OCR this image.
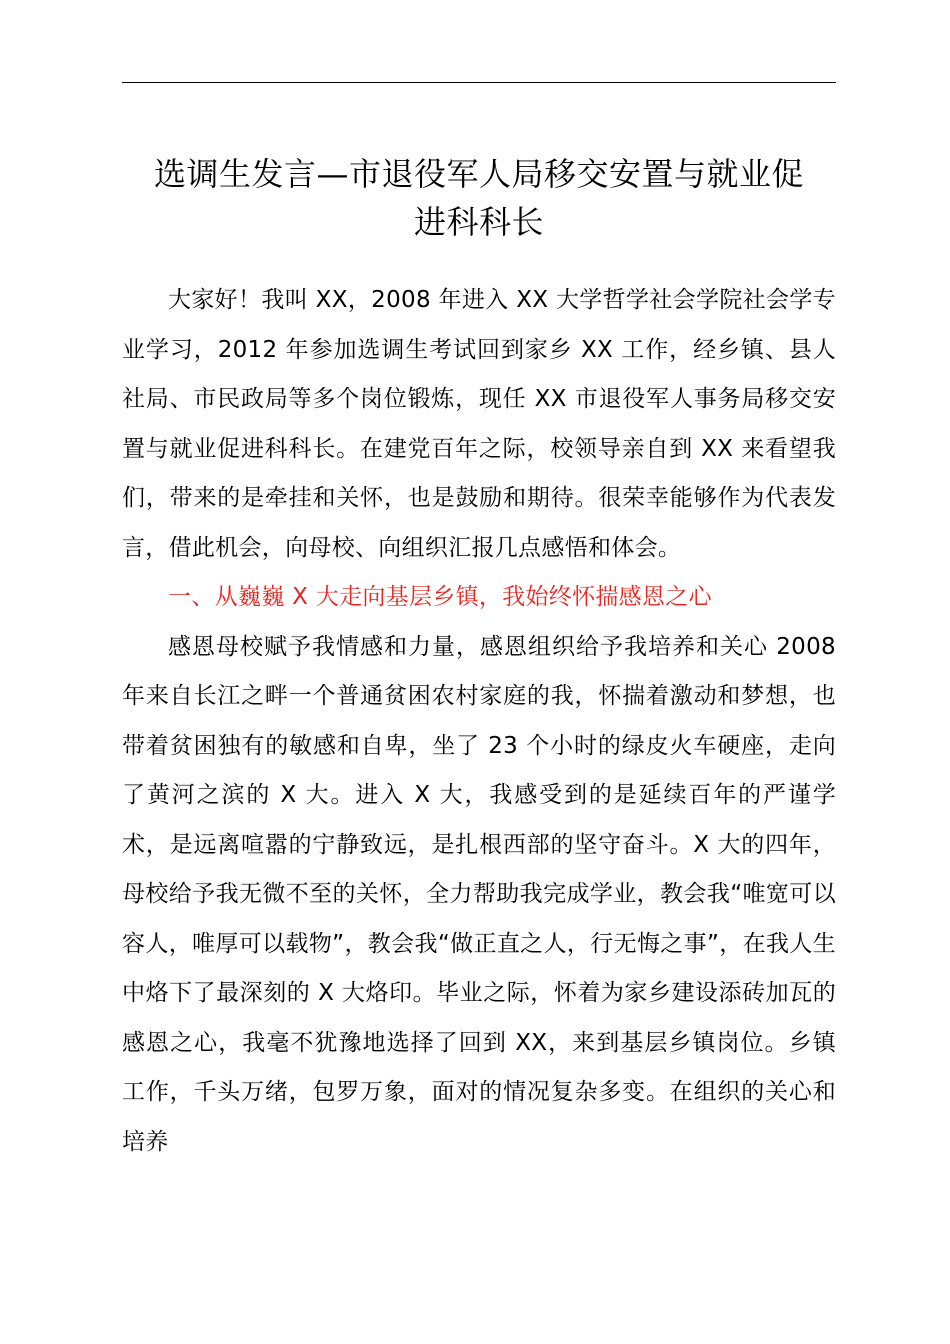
选调生发言—市退役军人局移交安置与就业促
进科科长

大家好！我叫 XX，2008 年进入 XX 大学哲学社会学院社会学专业学习，2012 年参加选调生考试回到家乡 XX 工作，经乡镇、县人社局、市民政局等多个岗位锻炼，现任 XX 市退役军人事务局移交安置与就业促进科科长。在建党百年之际，校领导亲自到 XX 来看望我们，带来的是牵挂和关怀，也是鼓励和期待。很荣幸能够作为代表发言，借此机会，向母校、向组织汇报几点感悟和体会。

一、从巍巍 X 大走向基层乡镇，我始终怀揣感恩之心

感恩母校赋予我情感和力量，感恩组织给予我培养和关心 2008 年来自长江之畔一个普通贫困农村家庭的我，怀揣着激动和梦想，也带着贫困独有的敏感和自卑，坐了 23 个小时的绿皮火车硬座，走向了黄河之滨的 X 大。进入 X 大，我感受到的是延续百年的严谨学术，是远离喧嚣的宁静致远，是扎根西部的坚守奋斗。X 大的四年，母校给予我无微不至的关怀，全力帮助我完成学业，教会我“唯宽可以容人，唯厚可以载物”，教会我“做正直之人，行无悔之事”，在我人生中烙下了最深刻的 X 大烙印。毕业之际，怀着为家乡建设添砖加瓦的感恩之心，我毫不犹豫地选择了回到 XX，来到基层乡镇岗位。乡镇工作，千头万绪，包罗万象，面对的情况复杂多变。在组织的关心和培养
